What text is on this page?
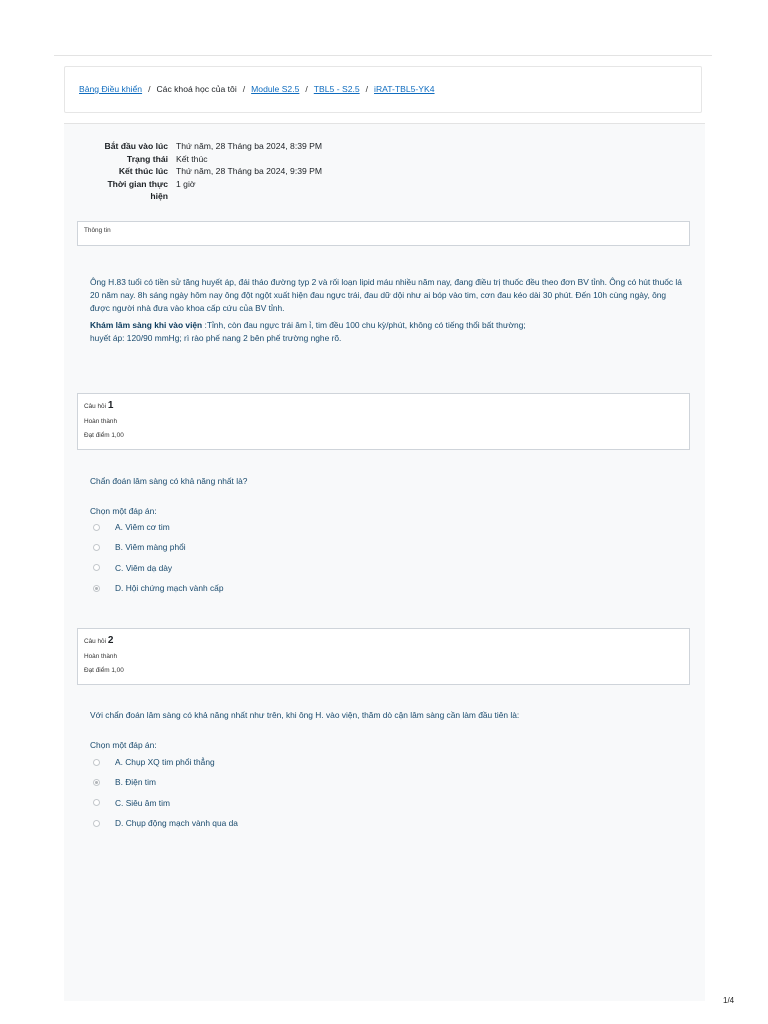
Bảng Điều khiển / Các khoá học của tôi / Module S2.5 / TBL5 - S2.5 / iRAT-TBL5-YK4
Bắt đầu vào lúc Thứ năm, 28 Tháng ba 2024, 8:39 PM
Trạng thái Kết thúc
Kết thúc lúc Thứ năm, 28 Tháng ba 2024, 9:39 PM
Thời gian thực 1 giờ
hiện
Thông tin

Ông H.83 tuổi có tiền sử tăng huyết áp, đái tháo đường typ 2 và rối loạn lipid máu nhiều năm nay, đang điều trị thuốc đều theo đơn BV tỉnh. Ông có hút thuốc lá 20 năm nay. 8h sáng ngày hôm nay ông đột ngột xuất hiện đau ngực trái, đau dữ dội như ai bóp vào tim, cơn đau kéo dài 30 phút. Đến 10h cùng ngày, ông được người nhà đưa vào khoa cấp cứu của BV tỉnh.

Khám lâm sàng khi vào viện :Tỉnh, còn đau ngực trái âm ỉ, tim đều 100 chu kỳ/phút, không có tiếng thổi bất thường;
huyết áp: 120/90 mmHg; rì rào phế nang 2 bên phế trường nghe rõ.

Câu hỏi 1
Hoàn thành
Đạt điểm 1,00
Chẩn đoán lâm sàng có khả năng nhất là?
Chọn một đáp án:
A.
Viêm cơ tim
B.
Viêm màng phổi
C.
Viêm dạ dày
D.
Hội chứng mạch vành cấp
Câu hỏi 2
Hoàn thành
Đạt điểm 1,00
Với chẩn đoán lâm sàng có khả năng nhất như trên, khi ông H. vào viện, thăm dò cận lâm sàng cần làm đầu tiên là:
Chọn một đáp án:
A.
Chụp XQ tim phổi thẳng
B.
Điện tim
C.
Siêu âm tim
D.
Chụp động mạch vành qua da
1/4
